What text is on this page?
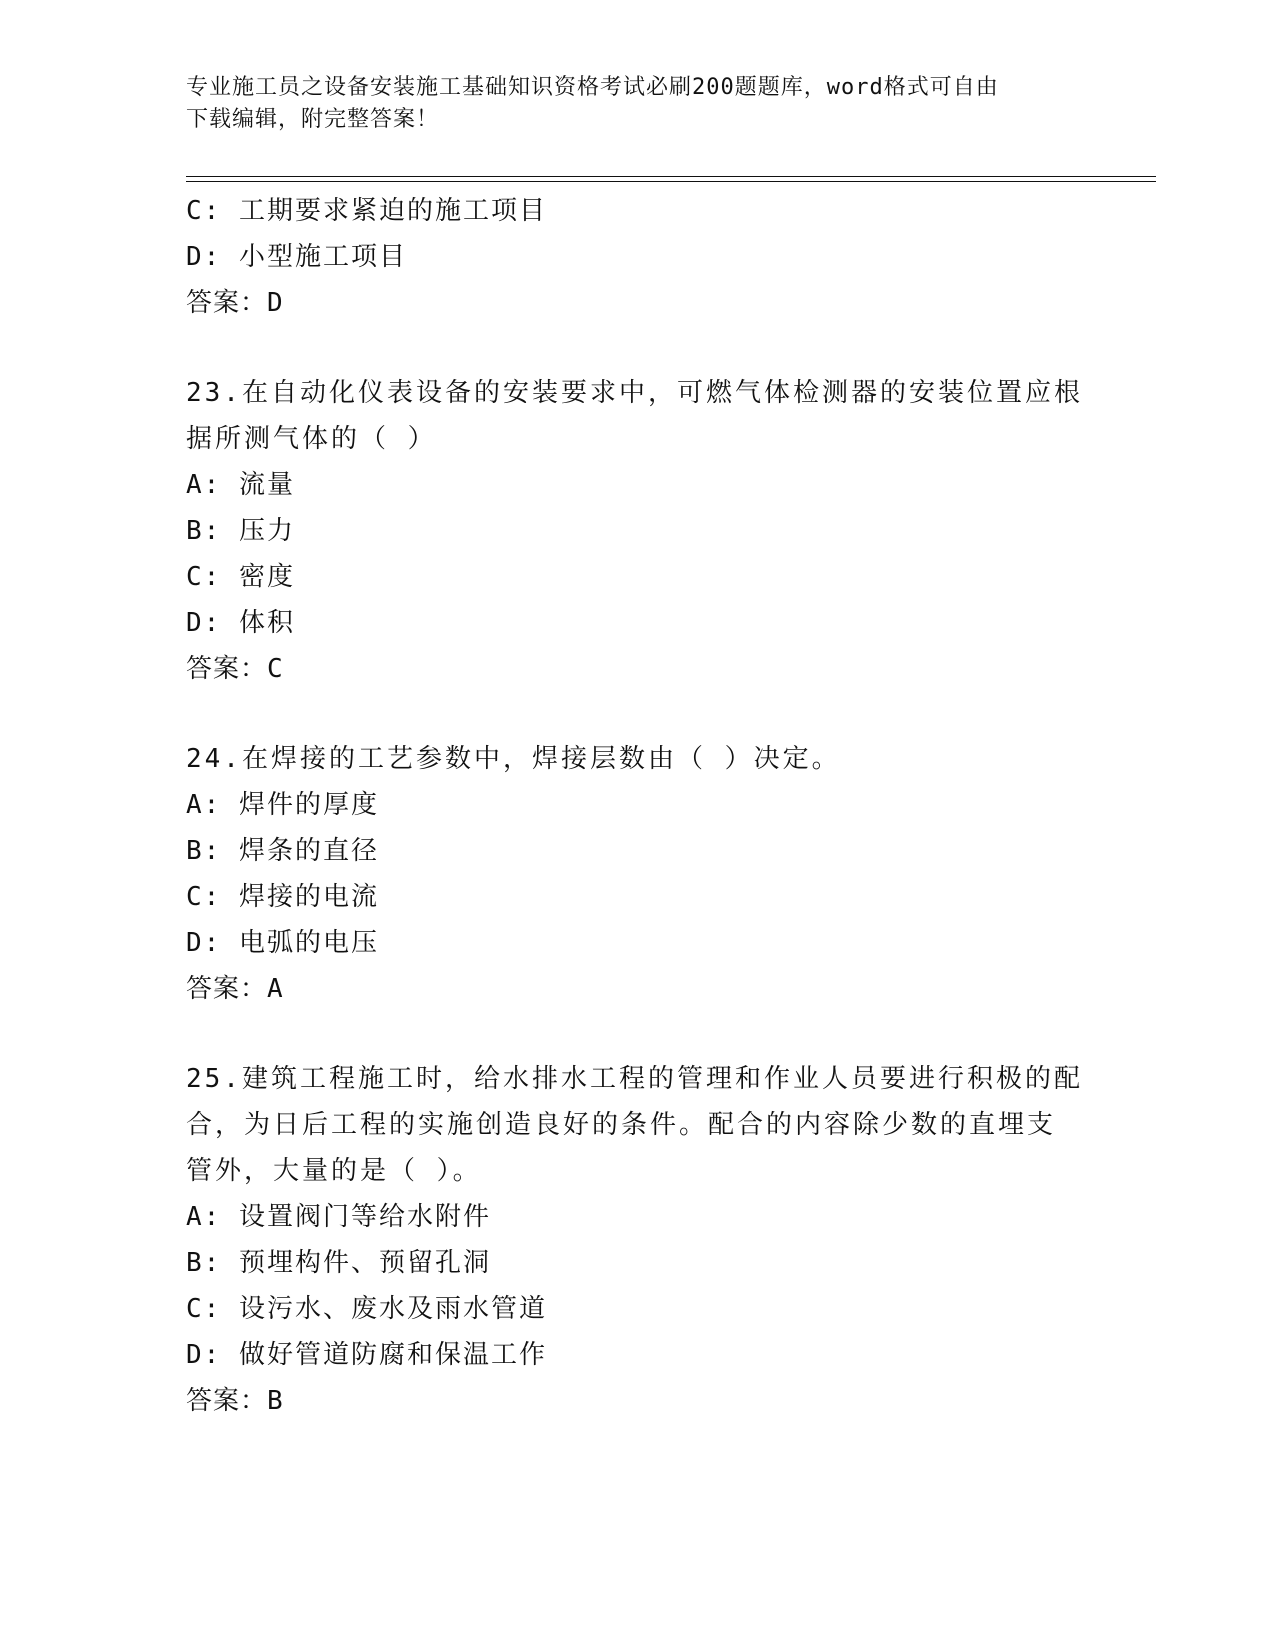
专业施工员之设备安装施工基础知识资格考试必刷200题题库，word格式可自由
下载编辑，附完整答案！
C: 工期要求紧迫的施工项目
D: 小型施工项目
答案：D
23.在自动化仪表设备的安装要求中，可燃气体检测器的安装位置应根
据所测气体的（ ）
A: 流量
B: 压力
C: 密度
D: 体积
答案：C
24.在焊接的工艺参数中，焊接层数由（ ）决定。
A: 焊件的厚度
B: 焊条的直径
C: 焊接的电流
D: 电弧的电压
答案：A
25.建筑工程施工时，给水排水工程的管理和作业人员要进行积极的配
合，为日后工程的实施创造良好的条件。配合的内容除少数的直埋支
管外，大量的是（ ）。
A: 设置阀门等给水附件
B: 预埋构件、预留孔洞
C: 设污水、废水及雨水管道
D: 做好管道防腐和保温工作
答案：B
